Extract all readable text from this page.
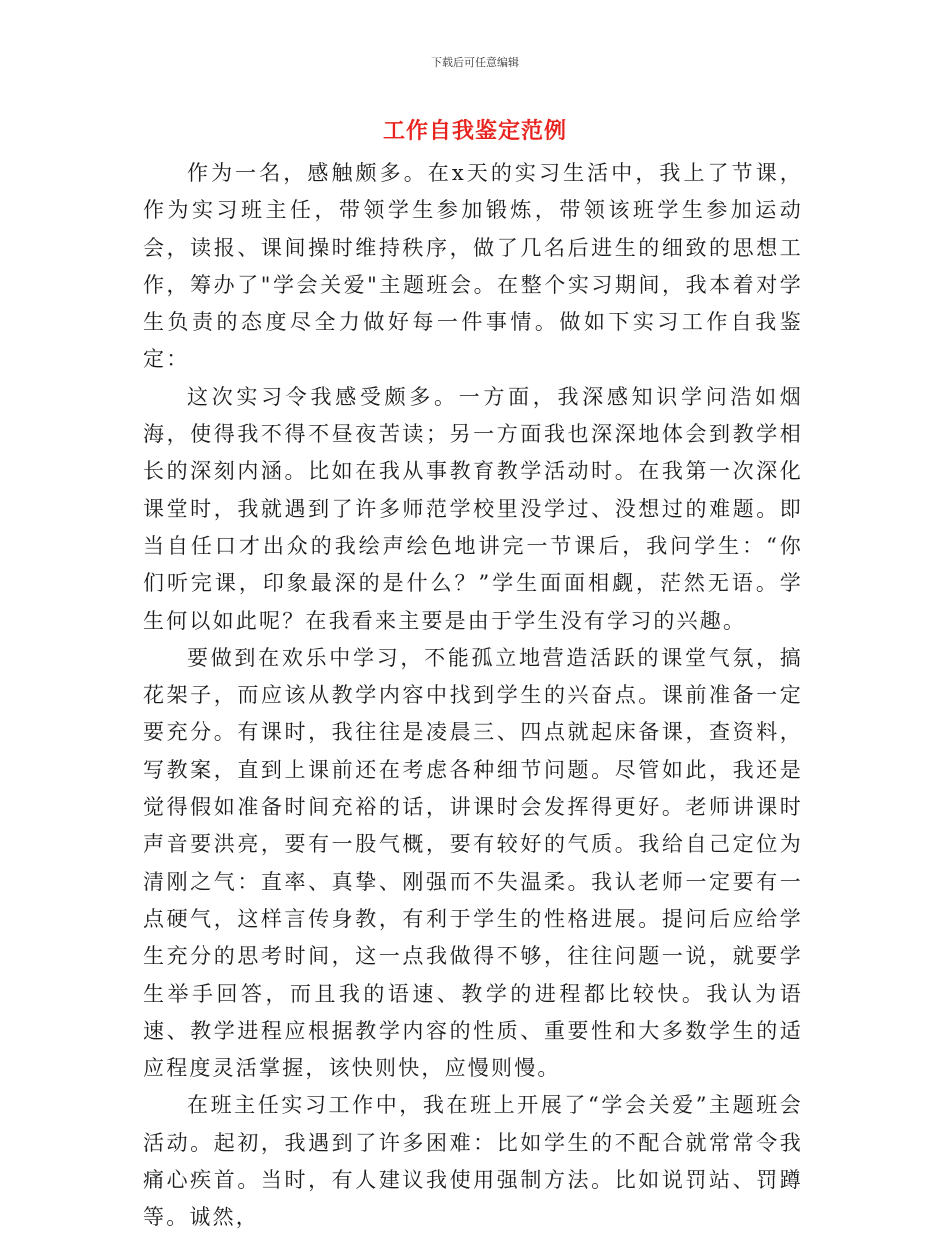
下载后可任意编辑
工作自我鉴定范例

作为一名，感触颇多。在x天的实习生活中，我上了节课，作为实习班主任，带领学生参加锻炼，带领该班学生参加运动会，读报、课间操时维持秩序，做了几名后进生的细致的思想工作，筹办了"学会关爱"主题班会。在整个实习期间，我本着对学生负责的态度尽全力做好每一件事情。做如下实习工作自我鉴定：

这次实习令我感受颇多。一方面，我深感知识学问浩如烟海，使得我不得不昼夜苦读；另一方面我也深深地体会到教学相长的深刻内涵。比如在我从事教育教学活动时。在我第一次深化课堂时，我就遇到了许多师范学校里没学过、没想过的难题。即当自任口才出众的我绘声绘色地讲完一节课后，我问学生：“你们听完课，印象最深的是什么？”学生面面相觑，茫然无语。学生何以如此呢？在我看来主要是由于学生没有学习的兴趣。

要做到在欢乐中学习，不能孤立地营造活跃的课堂气氛，搞花架子，而应该从教学内容中找到学生的兴奋点。课前准备一定要充分。有课时，我往往是凌晨三、四点就起床备课，查资料，写教案，直到上课前还在考虑各种细节问题。尽管如此，我还是觉得假如准备时间充裕的话，讲课时会发挥得更好。老师讲课时声音要洪亮，要有一股气概，要有较好的气质。我给自己定位为清刚之气：直率、真挚、刚强而不失温柔。我认老师一定要有一点硬气，这样言传身教，有利于学生的性格进展。提问后应给学生充分的思考时间，这一点我做得不够，往往问题一说，就要学生举手回答，而且我的语速、教学的进程都比较快。我认为语速、教学进程应根据教学内容的性质、重要性和大多数学生的适应程度灵活掌握，该快则快，应慢则慢。

在班主任实习工作中，我在班上开展了“学会关爱”主题班会活动。起初，我遇到了许多困难：比如学生的不配合就常常令我痛心疾首。当时，有人建议我使用强制方法。比如说罚站、罚蹲等。诚然，
